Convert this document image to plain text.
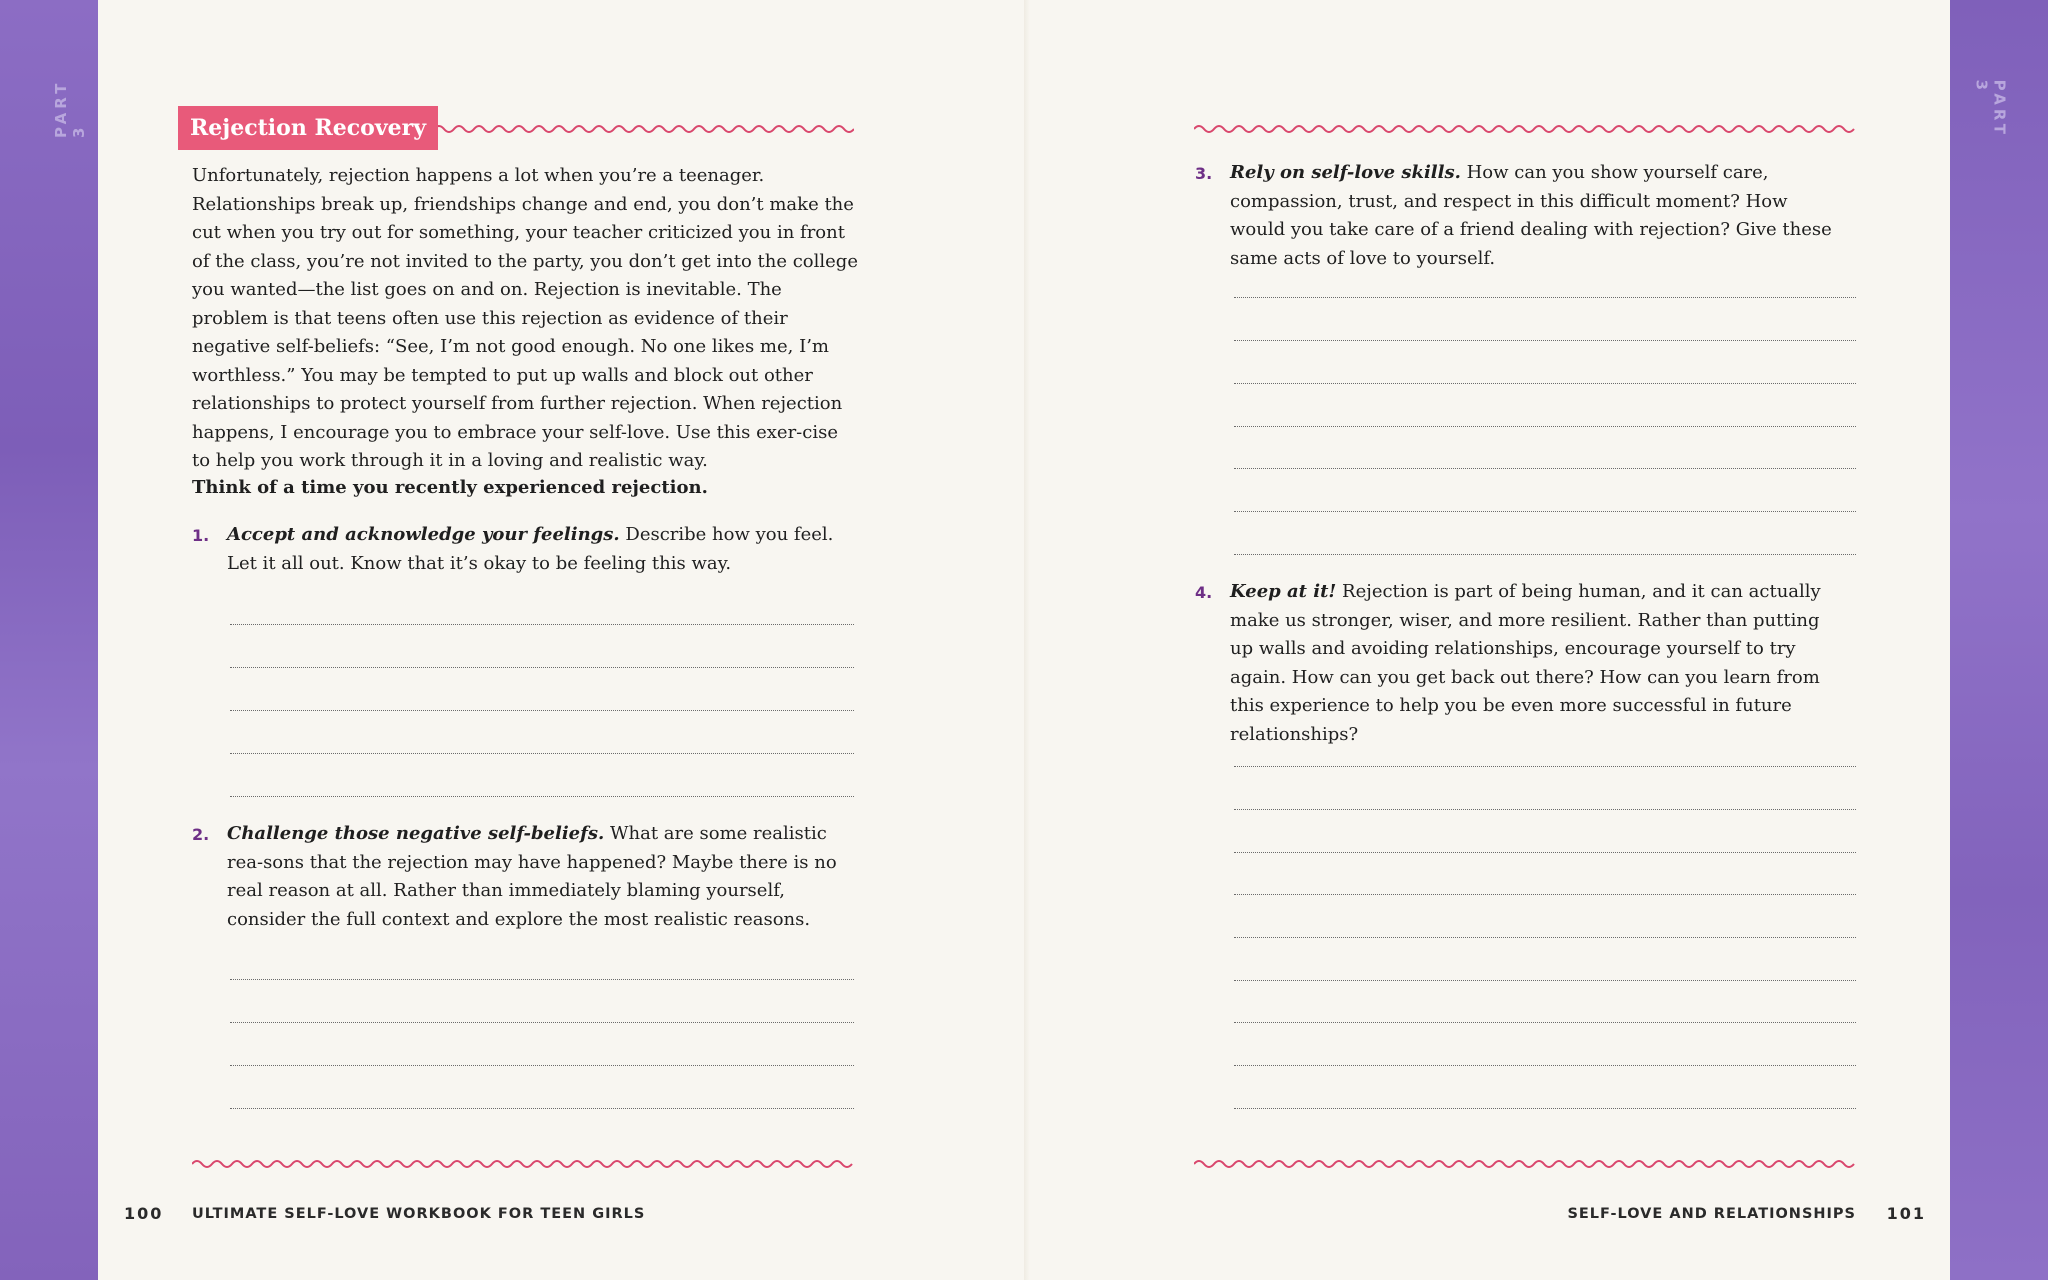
PART 3	PART 3
Rejection Recovery
Unfortunately, rejection happens a lot when you’re a teenager. Relationships break up, friendships change and end, you don’t make the cut when you try out for something, your teacher criticized you in front of the class, you’re not invited to the party, you don’t get into the college you wanted—the list goes on and on. Rejection is inevitable. The problem is that teens often use this rejection as evidence of their negative self-beliefs: “See, I’m not good enough. No one likes me, I’m worthless.” You may be tempted to put up walls and block out other relationships to protect yourself from further rejection. When rejection happens, I encourage you to embrace your self-love. Use this exer-cise to help you work through it in a loving and realistic way.
Think of a time you recently experienced rejection.
1. Accept and acknowledge your feelings. Describe how you feel. Let it all out. Know that it’s okay to be feeling this way.
2. Challenge those negative self-beliefs. What are some realistic rea-sons that the rejection may have happened? Maybe there is no real reason at all. Rather than immediately blaming yourself, consider the full context and explore the most realistic reasons.
3. Rely on self-love skills. How can you show yourself care, compassion, trust, and respect in this difficult moment? How would you take care of a friend dealing with rejection? Give these same acts of love to yourself.
4. Keep at it! Rejection is part of being human, and it can actually make us stronger, wiser, and more resilient. Rather than putting up walls and avoiding relationships, encourage yourself to try again. How can you get back out there? How can you learn from this experience to help you be even more successful in future relationships?
100 ULTIMATE SELF-LOVE WORKBOOK FOR TEEN GIRLS	SELF-LOVE AND RELATIONSHIPS 101
